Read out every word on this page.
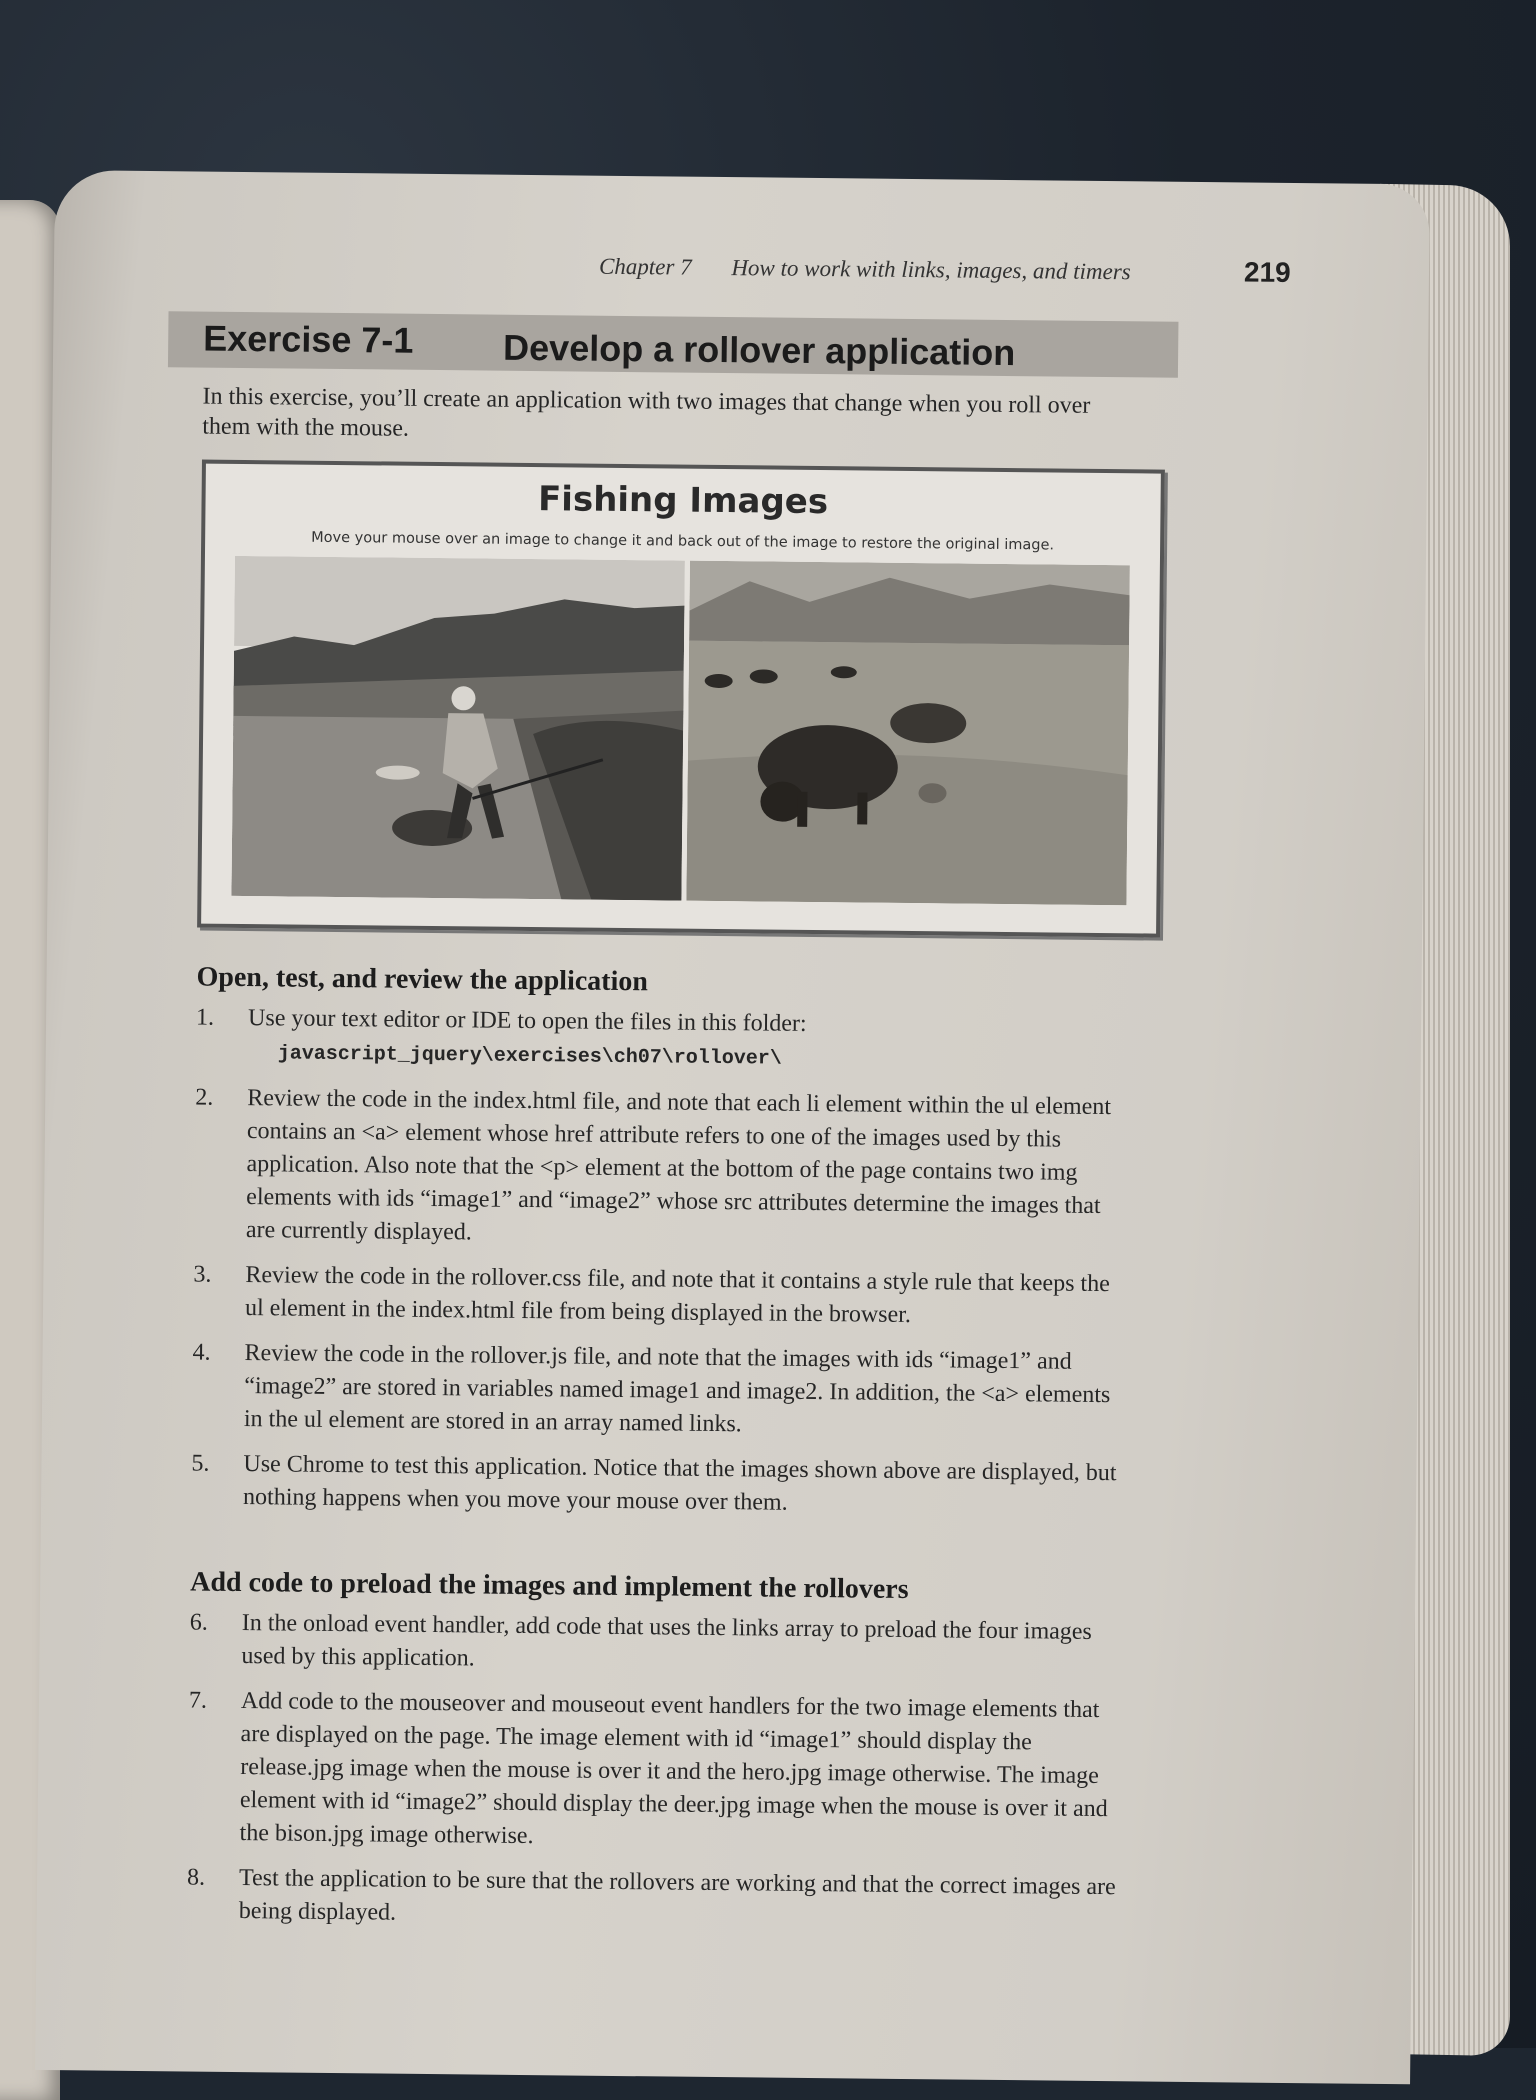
Chapter 7 How to work with links, images, and timers	219
Exercise 7-1 Develop a rollover application
In this exercise, you’ll create an application with two images that change when you roll over them with the mouse.
Fishing Images
Move your mouse over an image to change it and back out of the image to restore the original image.
Open, test, and review the application
1. Use your text editor or IDE to open the files in this folder:
javascript_jquery\exercises\ch07\rollover\
2. Review the code in the index.html file, and note that each li element within the ul element contains an <a> element whose href attribute refers to one of the images used by this application. Also note that the <p> element at the bottom of the page contains two img elements with ids “image1” and “image2” whose src attributes determine the images that are currently displayed.
3. Review the code in the rollover.css file, and note that it contains a style rule that keeps the ul element in the index.html file from being displayed in the browser.
4. Review the code in the rollover.js file, and note that the images with ids “image1” and “image2” are stored in variables named image1 and image2. In addition, the <a> elements in the ul element are stored in an array named links.
5. Use Chrome to test this application. Notice that the images shown above are displayed, but nothing happens when you move your mouse over them.
Add code to preload the images and implement the rollovers
6. In the onload event handler, add code that uses the links array to preload the four images used by this application.
7. Add code to the mouseover and mouseout event handlers for the two image elements that are displayed on the page. The image element with id “image1” should display the release.jpg image when the mouse is over it and the hero.jpg image otherwise. The image element with id “image2” should display the deer.jpg image when the mouse is over it and the bison.jpg image otherwise.
8. Test the application to be sure that the rollovers are working and that the correct images are being displayed.
